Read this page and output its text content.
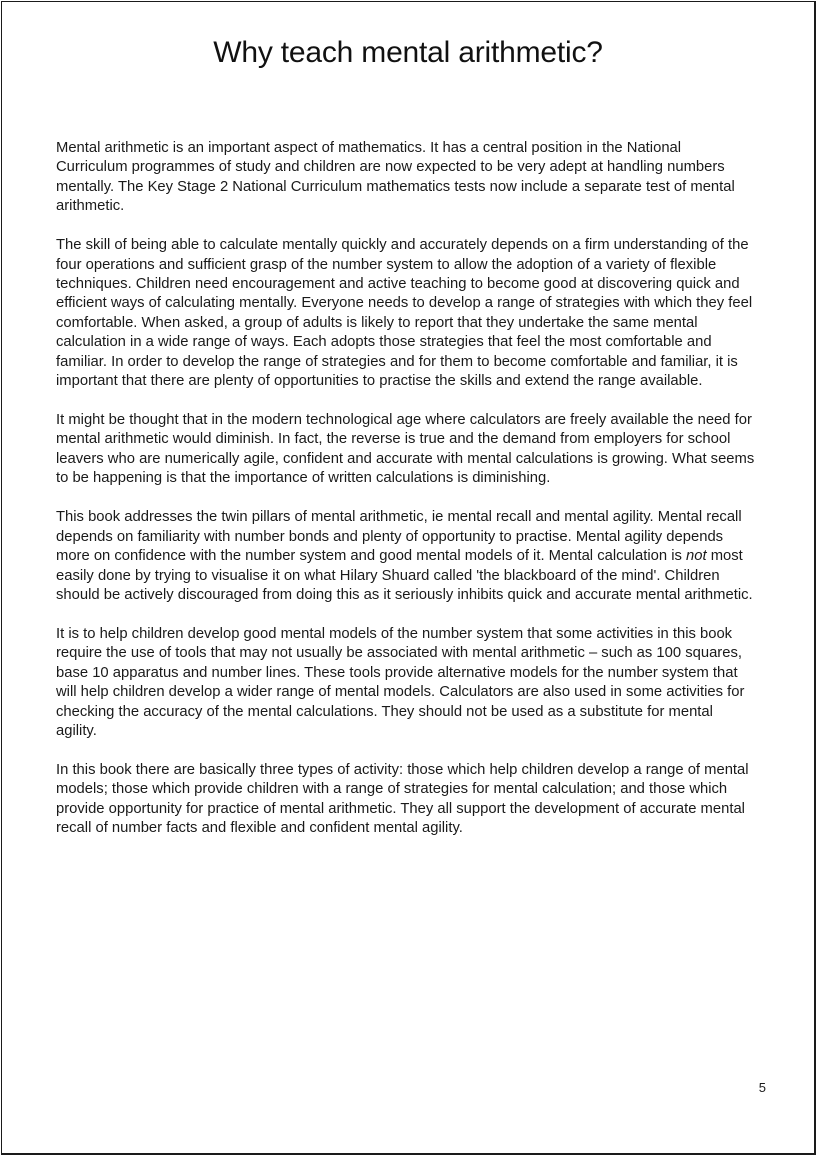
Why teach mental arithmetic?

Mental arithmetic is an important aspect of mathematics. It has a central position in the National Curriculum programmes of study and children are now expected to be very adept at handling numbers mentally. The Key Stage 2 National Curriculum mathematics tests now include a separate test of mental arithmetic.

The skill of being able to calculate mentally quickly and accurately depends on a firm understanding of the four operations and sufficient grasp of the number system to allow the adoption of a variety of flexible techniques. Children need encouragement and active teaching to become good at discovering quick and efficient ways of calculating mentally. Everyone needs to develop a range of strategies with which they feel comfortable. When asked, a group of adults is likely to report that they undertake the same mental calculation in a wide range of ways. Each adopts those strategies that feel the most comfortable and familiar. In order to develop the range of strategies and for them to become comfortable and familiar, it is important that there are plenty of opportunities to practise the skills and extend the range available.

It might be thought that in the modern technological age where calculators are freely available the need for mental arithmetic would diminish. In fact, the reverse is true and the demand from employers for school leavers who are numerically agile, confident and accurate with mental calculations is growing. What seems to be happening is that the importance of written calculations is diminishing.

This book addresses the twin pillars of mental arithmetic, ie mental recall and mental agility. Mental recall depends on familiarity with number bonds and plenty of opportunity to practise. Mental agility depends more on confidence with the number system and good mental models of it. Mental calculation is not most easily done by trying to visualise it on what Hilary Shuard called 'the blackboard of the mind'. Children should be actively discouraged from doing this as it seriously inhibits quick and accurate mental arithmetic.

It is to help children develop good mental models of the number system that some activities in this book require the use of tools that may not usually be associated with mental arithmetic – such as 100 squares, base 10 apparatus and number lines. These tools provide alternative models for the number system that will help children develop a wider range of mental models. Calculators are also used in some activities for checking the accuracy of the mental calculations. They should not be used as a substitute for mental agility.

In this book there are basically three types of activity: those which help children develop a range of mental models; those which provide children with a range of strategies for mental calculation; and those which provide opportunity for practice of mental arithmetic. They all support the development of accurate mental recall of number facts and flexible and confident mental agility.

5
